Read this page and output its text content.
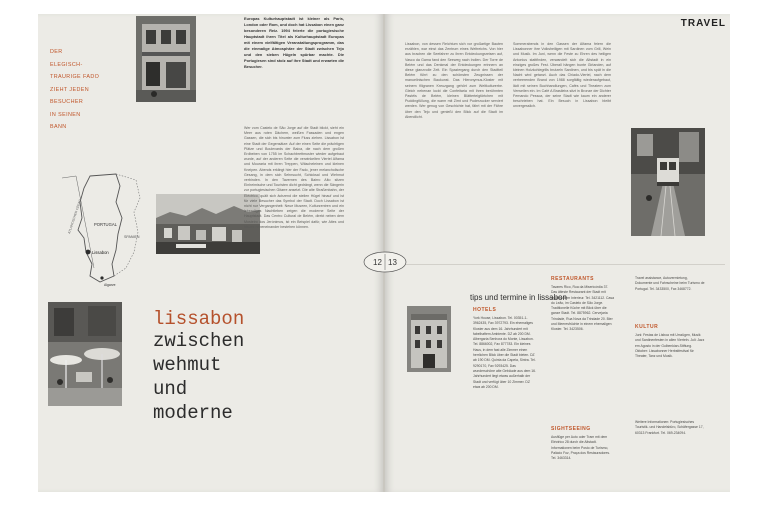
DER
ELEGISCH-
TRAURIGE FADO
ZIEHT JEDEN
BESUCHER
IN SEINEN
BANN
PORTUGAL
SPANIEN
Lissabon
Algarve
ATLANTISCHER OZEAN
Europas Kulturhauptstadt ist kleiner als Paris, London oder Rom, und doch hat Lissabon einen ganz besonderen Reiz. 1994 feierte die portugiesische Hauptstadt ihren Titel als Kulturhauptstadt Europas mit einem vielfältigen Veranstaltungsprogramm, das die einmalige Atmosphäre der Stadt zwischen Tejo und den sieben Hügeln spürbar machte. Die Portugiesen sind stolz auf ihre Stadt und erwarten die Besucher.
Wer vom Castelo de São Jorge auf die Stadt blickt, sieht ein Meer aus roten Dächern, weißen Fassaden und engen Gassen, die sich bis hinunter zum Fluss ziehen. Lissabon ist eine Stadt der Gegensätze: Auf der einen Seite die prächtigen Plätze und Boulevards der Baixa, die nach dem großen Erdbeben von 1755 im Schachbrettmuster wieder aufgebaut wurde, auf der anderen Seite die verwinkelten Viertel Alfama und Mouraria mit ihren Treppen, Wäscheleinen und kleinen Kneipen. Abends erklingt hier der Fado, jener melancholische Gesang, in dem sich Sehnsucht, Schicksal und Wehmut verbinden. In den Tavernen des Bairro Alto sitzen Einheimische und Touristen dicht gedrängt, wenn die Sängerin zur portugiesischen Gitarre ansetzt. Die alte Straßenbahn, der Eléctrico, quält sich ächzend die steilen Hügel hinauf und ist für viele Besucher das Symbol der Stadt. Doch Lissabon ist nicht nur Vergangenheit: Neue Museen, Kulturzentren und ein lebendiges Nachtleben zeigen die moderne Seite der Hauptstadt. Das Centro Cultural de Belém, direkt neben dem Mosteiro dos Jerónimos, ist ein Beispiel dafür, wie Altes und Neues nebeneinander bestehen können.
lissabon
zwischen
wehmut
und
moderne
TRAVEL
Lissabon, von dessen Reichtum sich vor großartige Bauten erzählen, war einst das Zentrum eines Weltreichs. Von hier aus brachen die Seefahrer zu ihren Entdeckungsreisen auf, Vasco da Gama fand den Seeweg nach Indien. Der Torre de Belém und das Denkmal der Entdeckungen erinnern an diese glanzvolle Zeit. Ein Spaziergang durch den Stadtteil Belém führt zu den schönsten Zeugnissen der manuelinischen Baukunst. Das Hieronymus-Kloster mit seinem filigranen Kreuzgang gehört zum Weltkulturerbe. Gleich nebenan lockt die Confeitaria mit ihren berühmten Pastéis de Belém, kleinen Blätterteigtörtchen mit Puddingfüllung, die warm mit Zimt und Puderzucker serviert werden. Wer genug von Geschichte hat, fährt mit der Fähre über den Tejo und genießt den Blick auf die Stadt im Abendlicht.
Sommerabends in den Gassen der Alfama feiern die Lissabonner ihre Volksheiligen mit Sardinen vom Grill, Wein und Musik. Im Juni, wenn die Feste zu Ehren des heiligen Antonius stattfinden, verwandelt sich die Altstadt in ein einziges großes Fest. Überall hängen bunte Girlanden, auf kleinen Holzkohlegrills brutzeln Sardinen, und bis spät in die Nacht wird getanzt. Auch das Chiado-Viertel, nach dem verheerenden Brand von 1988 sorgfältig wiederaufgebaut, lädt mit seinen Buchhandlungen, Cafés und Theatern zum Verweilen ein. Im Café A Brasileira sitzt in Bronze der Dichter Fernando Pessoa, der seine Stadt wie kaum ein anderer beschrieben hat. Ein Besuch in Lissabon bleibt unvergesslich.
tips und termine in lissabon
HOTELS
York House, Lissabon. Tel. 00351-1-3962435, Fax 3972793. Ein ehemaliges Kloster aus dem 16. Jahrhundert mit fabelhaftem Ambiente. DZ ab 200 DM. Albergaria Senhora do Monte, Lissabon. Tel. 8866002, Fax 877783. Ein kleines Haus, in dem fast alle Zimmer einen herrlichen Blick über die Stadt bieten. DZ ab 190 DM. Quinta da Capela, Sintra. Tel. 9290170, Fax 9293425. Das wunderschöne alte Gebäude aus dem 16. Jahrhundert liegt etwas außerhalb der Stadt und verfügt über 10 Zimmer. DZ etwa ab 200 DM.
RESTAURANTS
Tavares Rico, Rua da Misericórdia 37. Das älteste Restaurant der Stadt mit prachtvollem Interieur. Tel. 3421112. Casa do Leão, im Castelo de São Jorge. Traditionelle Küche mit Blick über die ganze Stadt. Tel. 8875962. Cervejaria Trindade, Rua Nova da Trindade 20. Bier und Meeresfrüchte in einem ehemaligen Kloster. Tel. 3423506.
SIGHTSEEING
Ausflüge per Auto oder Tram mit dem Eléctrico 28 durch die Altstadt. Informationen beim Posto de Turismo, Palácio Foz, Praça dos Restauradores. Tel. 3463314.
Travel assistance, Autovermietung, Dokumente und Fahrscheine beim Turismo de Portugal. Tel. 3433500, Fax 3468772.
KULTUR
Juni: Festas de Lisboa mit Umzügen, Musik und Sardinenfesten in allen Vierteln. Juli: Jazz em Agosto in der Gulbenkian-Stiftung. Oktober: Lissabonner Herbstfestival für Theater, Tanz und Musik.
Weitere Informationen: Portugiesisches Touristik- und Handelsbüro, Schäfergasse 17, 60313 Frankfurt. Tel. 069-234094.
12 13
